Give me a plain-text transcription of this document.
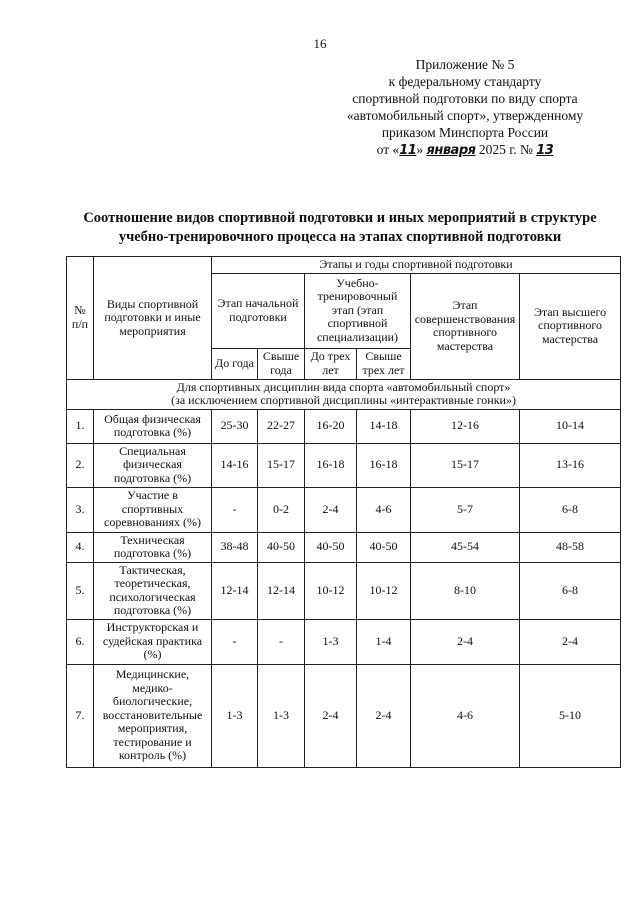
16
Приложение № 5
к федеральному стандарту
спортивной подготовки по виду спорта
«автомобильный спорт», утвержденному
приказом Минспорта России
от «11» января 2025 г. № 13
Соотношение видов спортивной подготовки и иных мероприятий в структуре
учебно-тренировочного процесса на этапах спортивной подготовки
№ п/п	Виды спортивной подготовки и иные мероприятия	Этапы и годы спортивной подготовки					
		Этап начальной подготовки		Учебно-тренировочный этап (этап спортивной специализации)		Этап совершенствования спортивного мастерства	Этап высшего спортивного мастерства
		До года	Свыше года	До трех лет	Свыше трех лет		

Для спортивных дисциплин вида спорта «автомобильный спорт»
(за исключением спортивной дисциплины «интерактивные гонки»)							

1.	Общая физическая подготовка (%)	25-30	22-27	16-20	14-18	12-16	10-14
2.	Специальная физическая подготовка (%)	14-16	15-17	16-18	16-18	15-17	13-16
3.	Участие в спортивных соревнованиях (%)	-	0-2	2-4	4-6	5-7	6-8
4.	Техническая подготовка (%)	38-48	40-50	40-50	40-50	45-54	48-58
5.	Тактическая, теоретическая, психологическая подготовка (%)	12-14	12-14	10-12	10-12	8-10	6-8
6.	Инструкторская и судейская практика (%)	-	-	1-3	1-4	2-4	2-4
7.	Медицинские, медико-биологические, восстановительные мероприятия, тестирование и контроль (%)	1-3	1-3	2-4	2-4	4-6	5-10
